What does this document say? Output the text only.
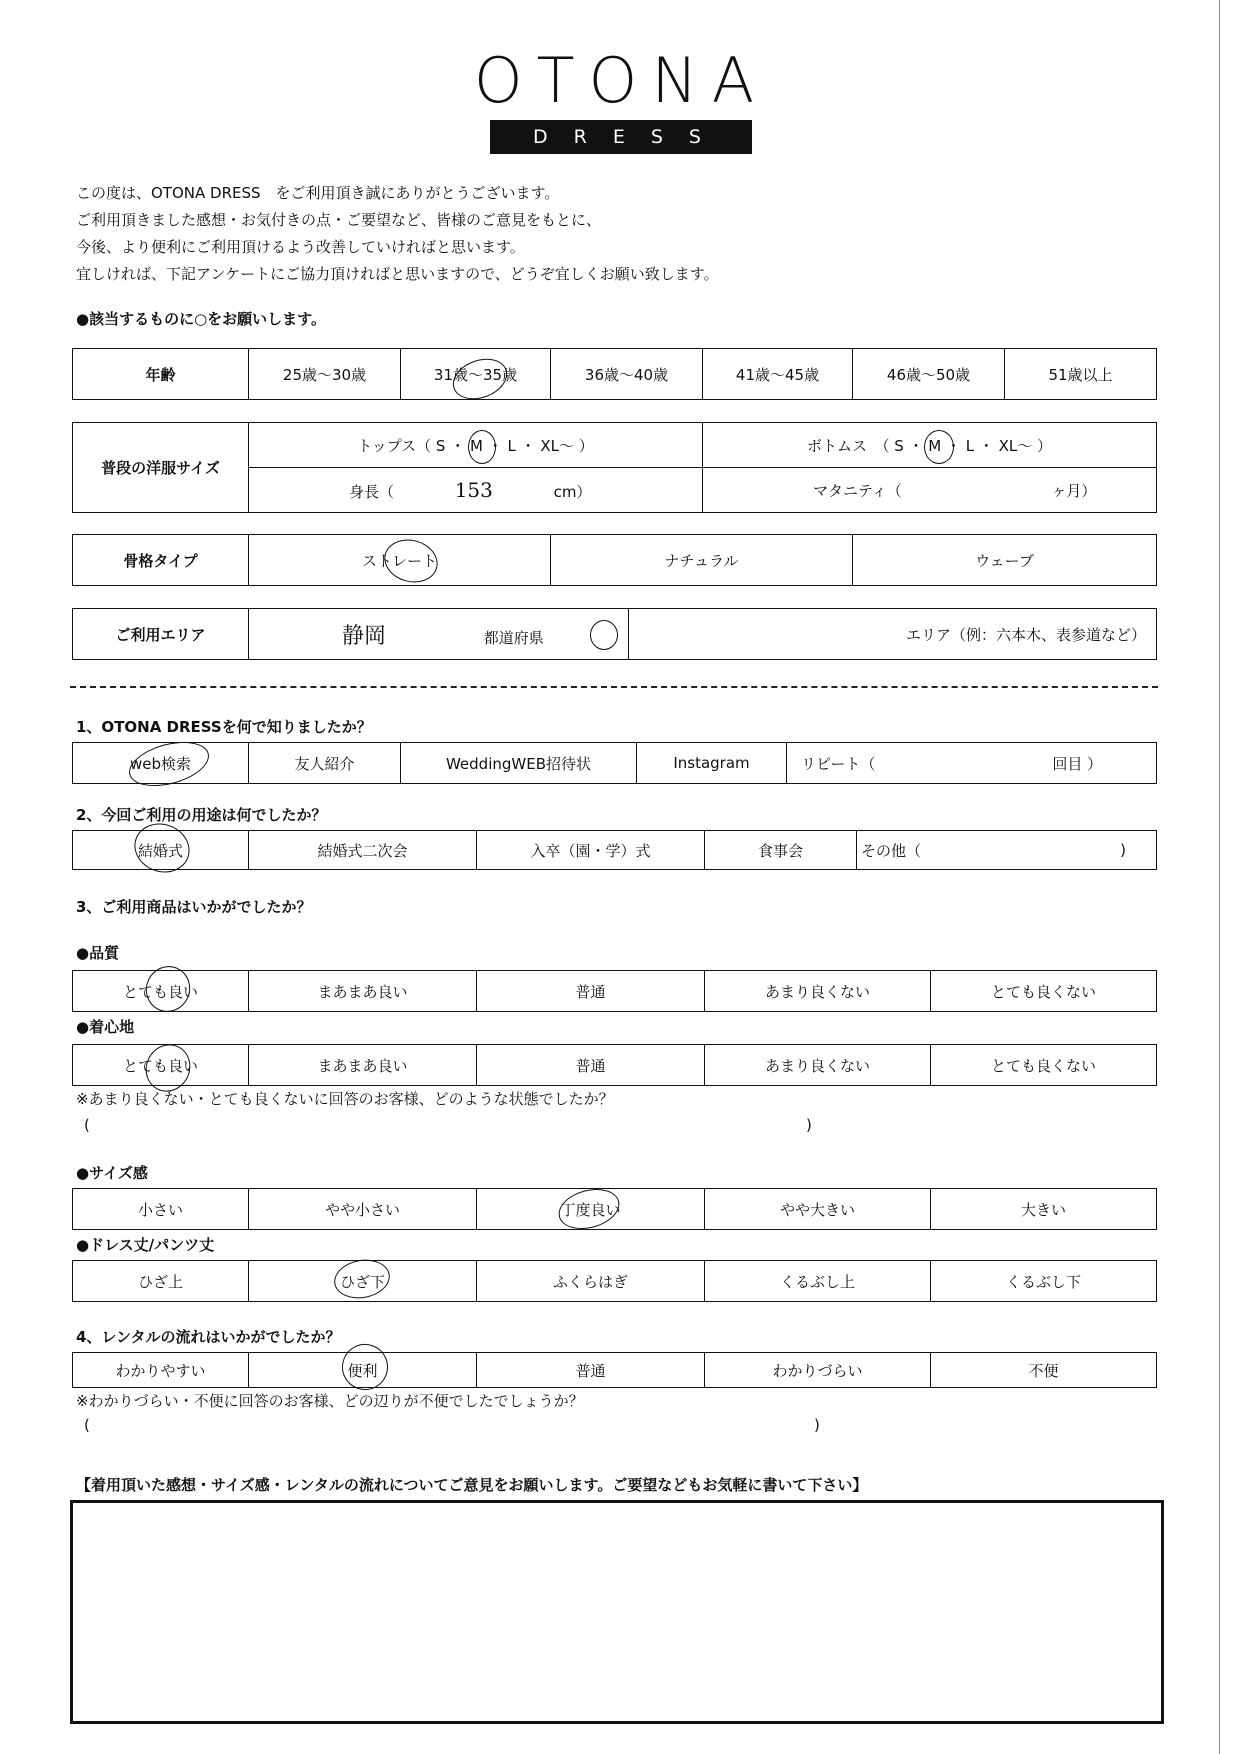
OTONA
DRESS
この度は、OTONA DRESS　をご利用頂き誠にありがとうございます。
ご利用頂きました感想・お気付きの点・ご要望など、皆様のご意見をもとに、
今後、より便利にご利用頂けるよう改善していければと思います。
宜しければ、下記アンケートにご協力頂ければと思いますので、どうぞ宜しくお願い致します。
●該当するものに○をお願いします。
年齢	25歳～30歳	31歳～35歳	36歳～40歳	41歳～45歳	46歳～50歳	51歳以上
普段の洋服サイズ	トップス（ S ・ M ・ L ・ XL～ ）	ボトムス　（ S ・ M ・ L ・ XL～ ）
	身長（ 153 cm）	マタニティ（ ヶ月）
骨格タイプ	ストレート	ナチュラル	ウェーブ
ご利用エリア	静岡	都道府県	エリア（例：六本木、表参道など）
1、OTONA DRESSを何で知りましたか？
web検索	友人紹介	WeddingWEB招待状	Instagram	リピート（	回目 ）
2、今回ご利用の用途は何でしたか？
結婚式	結婚式二次会	入卒（園・学）式	食事会	その他（	)
3、ご利用商品はいかがでしたか？
●品質
とても良い	まあまあ良い	普通	あまり良くない	とても良くない
●着心地
とても良い	まあまあ良い	普通	あまり良くない	とても良くない
※あまり良くない・とても良くないに回答のお客様、どのような状態でしたか？
(	)
●サイズ感
小さい	やや小さい	丁度良い	やや大きい	大きい
●ドレス丈/パンツ丈
ひざ上	ひざ下	ふくらはぎ	くるぶし上	くるぶし下
4、レンタルの流れはいかがでしたか？
わかりやすい	便利	普通	わかりづらい	不便
※わかりづらい・不便に回答のお客様、どの辺りが不便でしたでしょうか？
(	)
【着用頂いた感想・サイズ感・レンタルの流れについてご意見をお願いします。ご要望などもお気軽に書いて下さい】
